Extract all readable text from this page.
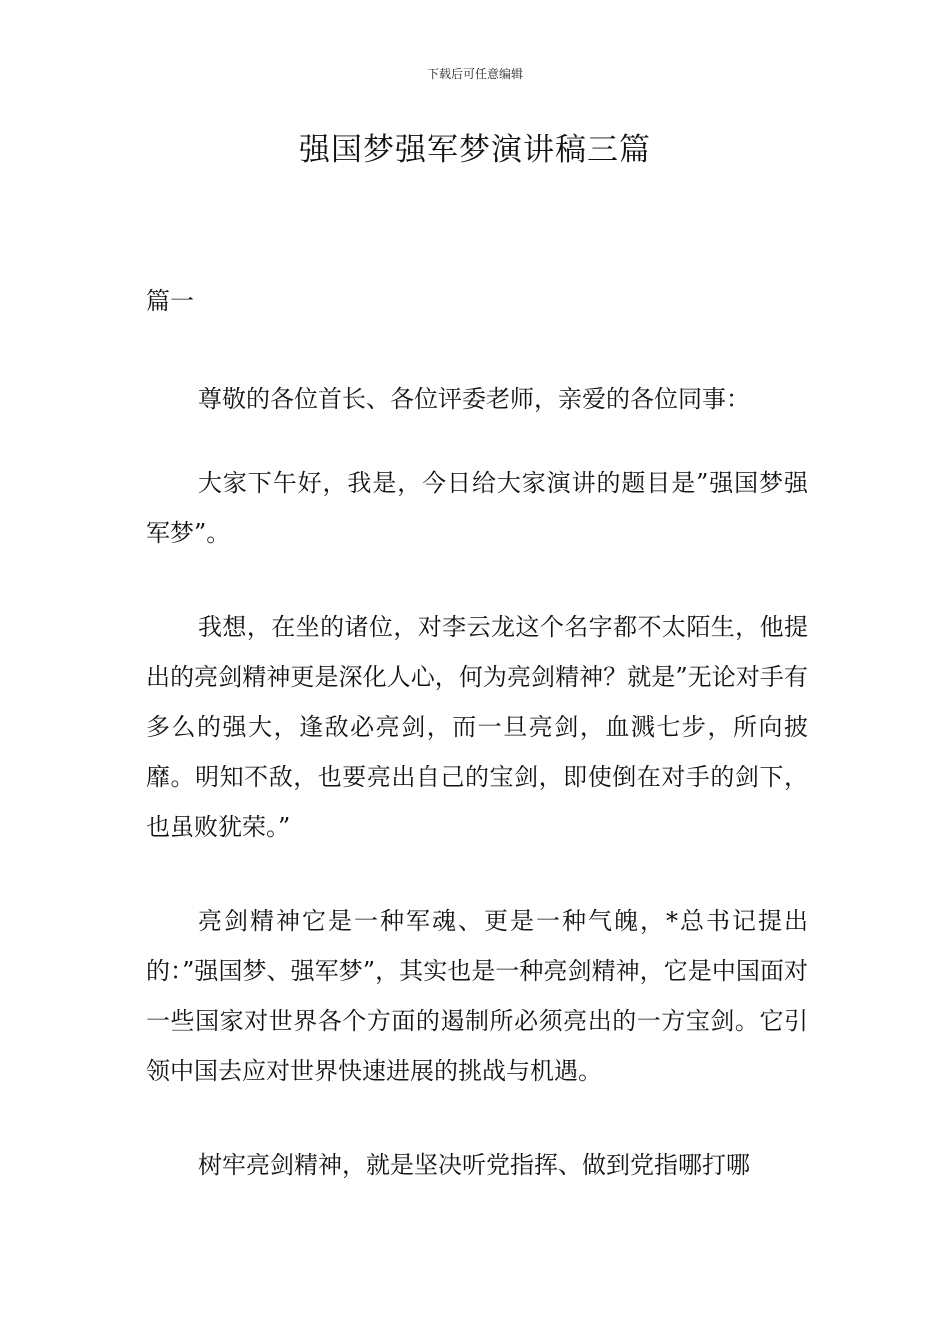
下载后可任意编辑
强国梦强军梦演讲稿三篇
篇一

尊敬的各位首长、各位评委老师，亲爱的各位同事：

大家下午好，我是，今日给大家演讲的题目是”强国梦强军梦”。

我想，在坐的诸位，对李云龙这个名字都不太陌生，他提出的亮剑精神更是深化人心，何为亮剑精神？就是”无论对手有多么的强大，逢敌必亮剑，而一旦亮剑，血溅七步，所向披靡。明知不敌，也要亮出自己的宝剑，即使倒在对手的剑下，也虽败犹荣。”

亮剑精神它是一种军魂、更是一种气魄，*总书记提出的：”强国梦、强军梦”，其实也是一种亮剑精神，它是中国面对一些国家对世界各个方面的遏制所必须亮出的一方宝剑。它引领中国去应对世界快速进展的挑战与机遇。

树牢亮剑精神，就是坚决听党指挥、做到党指哪打哪
